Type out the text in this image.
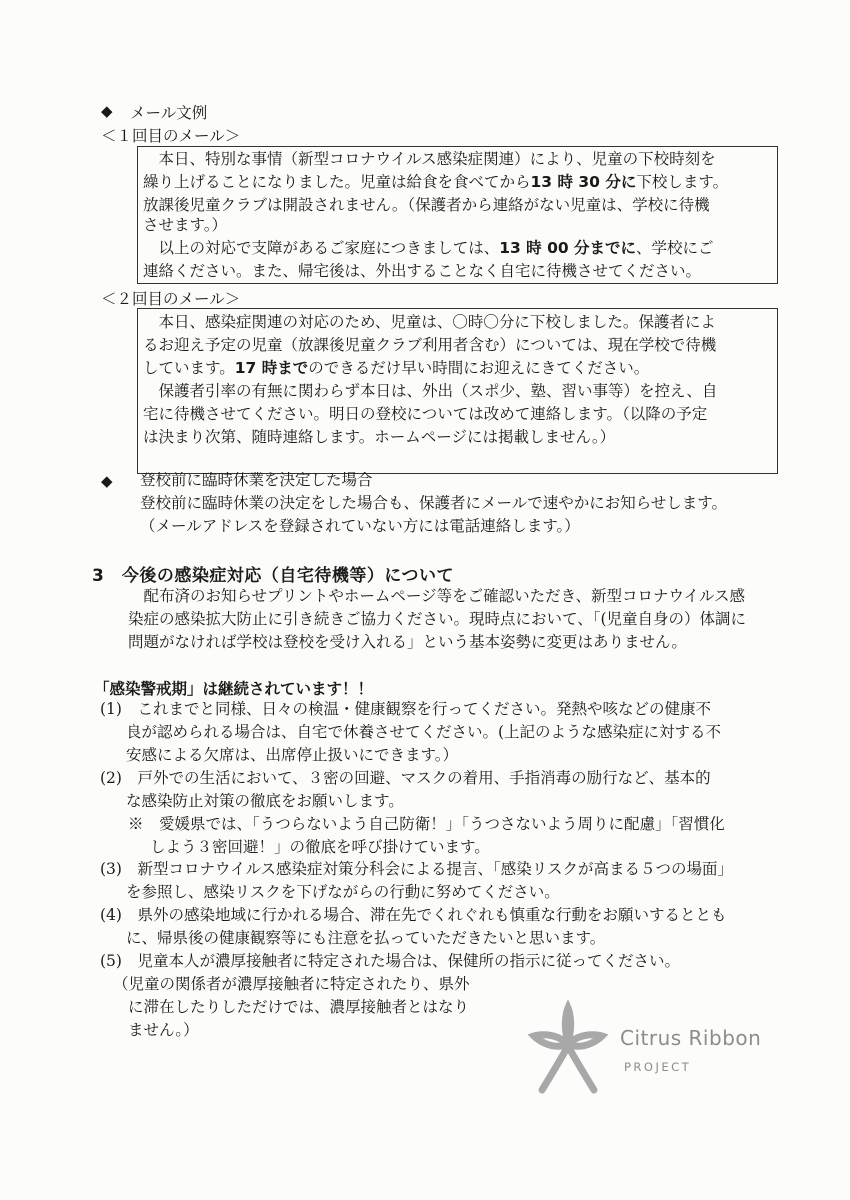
◆ メール文例
＜１回目のメール＞
　本日、特別な事情（新型コロナウイルス感染症関連）により、児童の下校時刻を
繰り上げることになりました。児童は給食を食べてから13 時 30 分に下校します。
放課後児童クラブは開設されません。（保護者から連絡がない児童は、学校に待機
させます。）
　以上の対応で支障があるご家庭につきましては、13 時 00 分までに、学校にご
連絡ください。また、帰宅後は、外出することなく自宅に待機させてください。
＜２回目のメール＞
　本日、感染症関連の対応のため、児童は、〇時〇分に下校しました。保護者によ
るお迎え予定の児童（放課後児童クラブ利用者含む）については、現在学校で待機
しています。17 時までのできるだけ早い時間にお迎えにきてください。
　保護者引率の有無に関わらず本日は、外出（スポ少、塾、習い事等）を控え、自
宅に待機させてください。明日の登校については改めて連絡します。（以降の予定
は決まり次第、随時連絡します。ホームページには掲載しません。）
◆ 登校前に臨時休業を決定した場合
登校前に臨時休業の決定をした場合も、保護者にメールで速やかにお知らせします。
（メールアドレスを登録されていない方には電話連絡します。）
3　今後の感染症対応（自宅待機等）について
　配布済のお知らせプリントやホームページ等をご確認いただき、新型コロナウイルス感
染症の感染拡大防止に引き続きご協力ください。現時点において、「(児童自身の）体調に
問題がなければ学校は登校を受け入れる」という基本姿勢に変更はありません。
「感染警戒期」は継続されています！！
(1)　これまでと同様、日々の検温・健康観察を行ってください。発熱や咳などの健康不
良が認められる場合は、自宅で休養させてください。(上記のような感染症に対する不
安感による欠席は、出席停止扱いにできます。）
(2)　戸外での生活において、３密の回避、マスクの着用、手指消毒の励行など、基本的
な感染防止対策の徹底をお願いします。
※　愛媛県では、「うつらないよう自己防衛！」「うつさないよう周りに配慮」「習慣化
しよう３密回避！」の徹底を呼び掛けています。
(3)　新型コロナウイルス感染症対策分科会による提言、「感染リスクが高まる５つの場面」
を参照し、感染リスクを下げながらの行動に努めてください。
(4)　県外の感染地域に行かれる場合、滞在先でくれぐれも慎重な行動をお願いするととも
に、帰県後の健康観察等にも注意を払っていただきたいと思います。
(5)　児童本人が濃厚接触者に特定された場合は、保健所の指示に従ってください。
（児童の関係者が濃厚接触者に特定されたり、県外
に滞在したりしただけでは、濃厚接触者とはなり
ません。）	Citrus Ribbon
PROJECT
